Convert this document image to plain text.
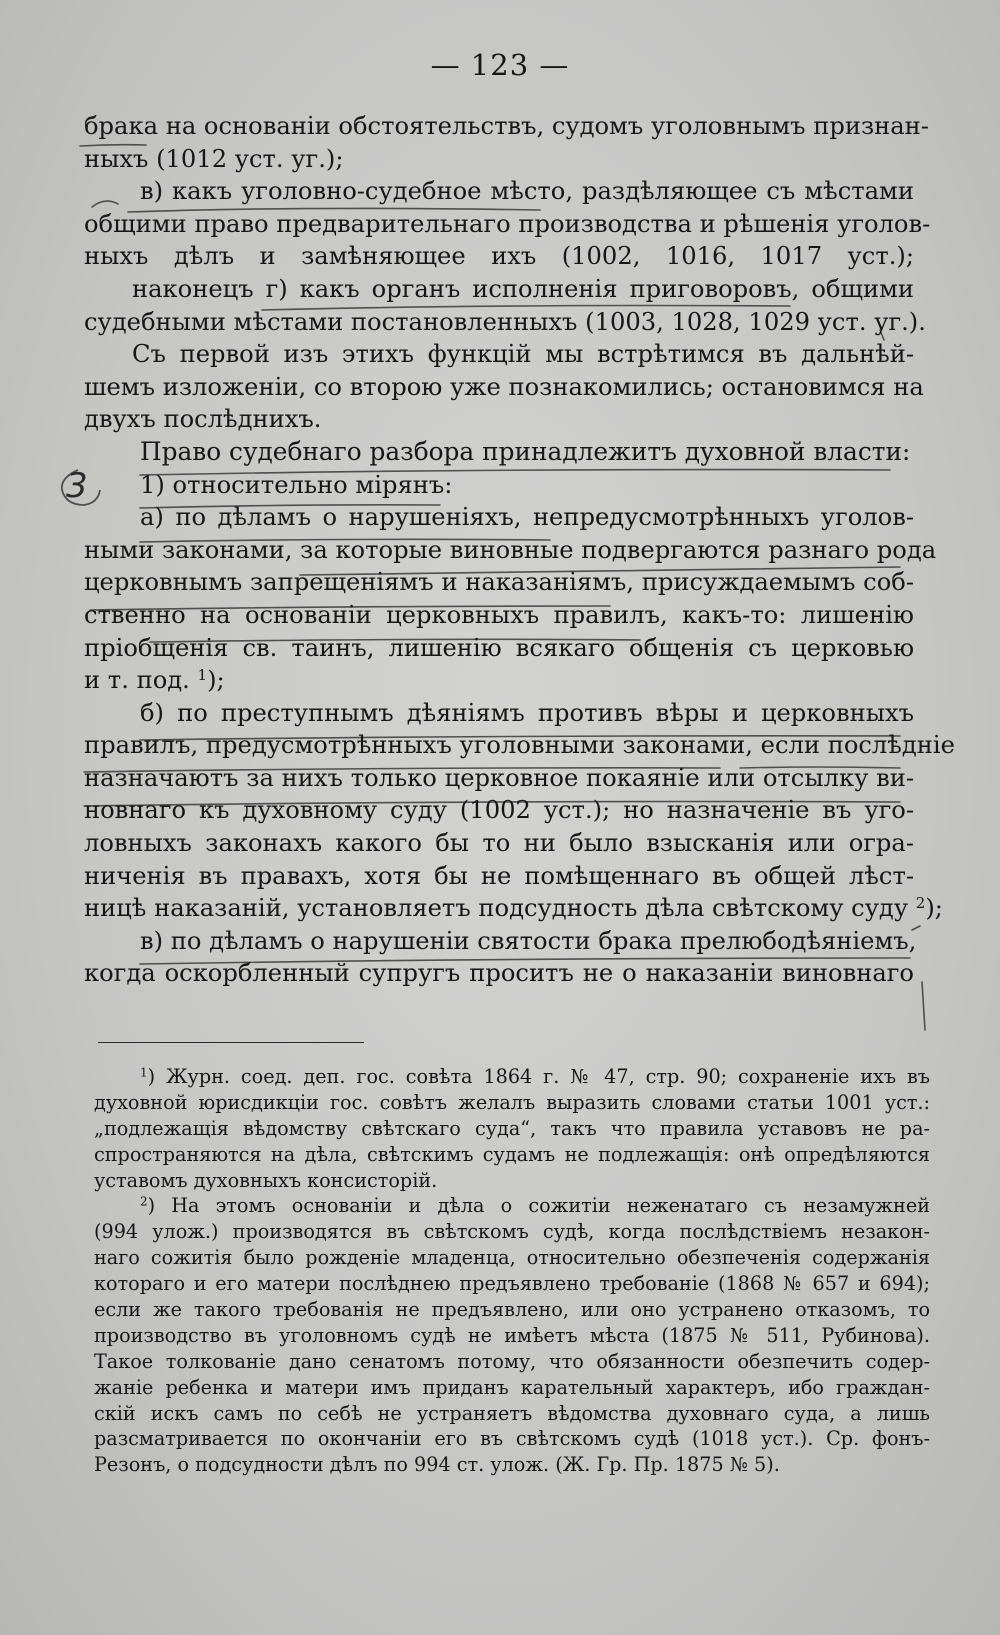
— 123 —
3
брака на основаніи обстоятельствъ, судомъ уголовнымъ признан-
ныхъ (1012 уст. уг.);
в) какъ уголовно-судебное мѣсто, раздѣляющее съ мѣстами
общими право предварительнаго производства и рѣшенія уголов-
ныхъ дѣлъ и замѣняющее ихъ (1002, 1016, 1017 уст.);
наконецъ г) какъ органъ исполненія приговоровъ, общими
судебными мѣстами постановленныхъ (1003, 1028, 1029 уст. уг.).
Съ первой изъ этихъ функцій мы встрѣтимся въ дальнѣй-
шемъ изложеніи, со второю уже познакомились; остановимся на
двухъ послѣднихъ.
Право судебнаго разбора принадлежитъ духовной власти:
1) относительно мірянъ:
а) по дѣламъ о нарушеніяхъ, непредусмотрѣнныхъ уголов-
ными законами, за которые виновные подвергаются разнаго рода
церковнымъ запрещеніямъ и наказаніямъ, присуждаемымъ соб-
ственно на основаніи церковныхъ правилъ, какъ-то: лишенію
пріобщенія св. таинъ, лишенію всякаго общенія съ церковью
и т. под. $^1$);
б) по преступнымъ дѣяніямъ противъ вѣры и церковныхъ
правилъ, предусмотрѣнныхъ уголовными законами, если послѣдніе
назначаютъ за нихъ только церковное покаяніе или отсылку ви-
новнаго къ духовному суду (1002 уст.); но назначеніе въ уго-
ловныхъ законахъ какого бы то ни было взысканія или огра-
ниченія въ правахъ, хотя бы не помѣщеннаго въ общей лѣст-
ницѣ наказаній, установляетъ подсудность дѣла свѣтскому суду $^2$);
в) по дѣламъ о нарушеніи святости брака прелюбодѣяніемъ,
когда оскорбленный супругъ проситъ не о наказаніи виновнаго
$^1$) Журн. соед. деп. гос. совѣта 1864 г. № 47, стр. 90; сохраненіе ихъ въ
духовной юрисдикціи гос. совѣтъ желалъ выразить словами статьи 1001 уст.:
„подлежащія вѣдомству свѣтскаго суда“, такъ что правила уставовъ не ра-
спространяются на дѣла, свѣтскимъ судамъ не подлежащія: онѣ опредѣляются
уставомъ духовныхъ консисторій.
$^2$) На этомъ основаніи и дѣла о сожитіи неженатаго съ незамужней
(994 улож.) производятся въ свѣтскомъ судѣ, когда послѣдствіемъ незакон-
наго сожитія было рожденіе младенца, относительно обезпеченія содержанія
котораго и его матери послѣднею предъявлено требованіе (1868 № 657 и 694);
если же такого требованія не предъявлено, или оно устранено отказомъ, то
производство въ уголовномъ судѣ не имѣетъ мѣста (1875 № 511, Рубинова).
Такое толкованіе дано сенатомъ потому, что обязанности обезпечить содер-
жаніе ребенка и матери имъ приданъ карательный характеръ, ибо граждан-
скій искъ самъ по себѣ не устраняетъ вѣдомства духовнаго суда, а лишь
разсматривается по окончаніи его въ свѣтскомъ судѣ (1018 уст.). Ср. фонъ-
Резонъ, о подсудности дѣлъ по 994 ст. улож. (Ж. Гр. Пр. 1875 № 5).
